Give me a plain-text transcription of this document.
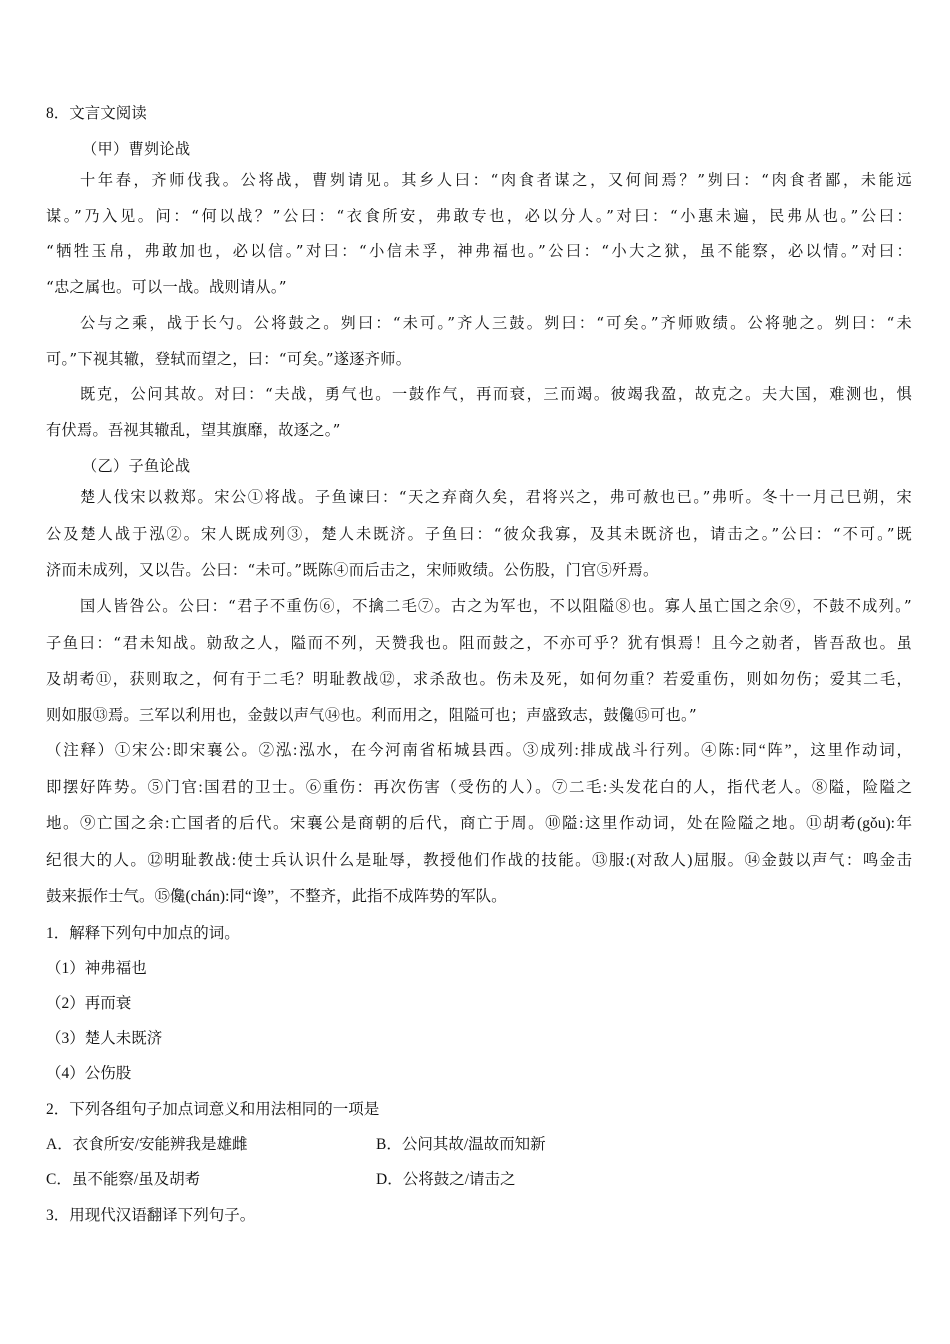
8．文言文阅读
（甲）曹刿论战
十年春，齐师伐我。公将战，曹刿请见。其乡人曰：“肉食者谋之，又何间焉？”刿曰：“肉食者鄙，未能远
谋。”乃入见。问：“何以战？”公曰：“衣食所安，弗敢专也，必以分人。”对曰：“小惠未遍，民弗从也。”公曰：
“牺牲玉帛，弗敢加也，必以信。”对曰：“小信未孚，神弗福也。”公曰：“小大之狱，虽不能察，必以情。”对曰：
“忠之属也。可以一战。战则请从。”
公与之乘，战于长勺。公将鼓之。刿曰：“未可。”齐人三鼓。刿曰：“可矣。”齐师败绩。公将驰之。刿曰：“未
可。”下视其辙，登轼而望之，曰：“可矣。”遂逐齐师。
既克，公问其故。对曰：“夫战，勇气也。一鼓作气，再而衰，三而竭。彼竭我盈，故克之。夫大国，难测也，惧
有伏焉。吾视其辙乱，望其旗靡，故逐之。”
（乙）子鱼论战
楚人伐宋以救郑。宋公①将战。子鱼谏曰：“天之弃商久矣，君将兴之，弗可赦也已。”弗听。冬十一月己巳朔，宋
公及楚人战于泓②。宋人既成列③，楚人未既济。子鱼曰：“彼众我寡，及其未既济也，请击之。”公曰：“不可。”既
济而未成列，又以告。公曰：“未可。”既陈④而后击之，宋师败绩。公伤股，门官⑤歼焉。
国人皆咎公。公曰：“君子不重伤⑥，不擒二毛⑦。古之为军也，不以阻隘⑧也。寡人虽亡国之余⑨，不鼓不成列。”
子鱼曰：“君未知战。勍敌之人，隘而不列，天赞我也。阻而鼓之，不亦可乎？犹有惧焉！且今之勍者，皆吾敌也。虽
及胡耇⑪，获则取之，何有于二毛？明耻教战⑫，求杀敌也。伤未及死，如何勿重？若爱重伤，则如勿伤；爱其二毛，
则如服⑬焉。三军以利用也，金鼓以声气⑭也。利而用之，阻隘可也；声盛致志，鼓儳⑮可也。”
（注释）①宋公:即宋襄公。②泓:泓水，在今河南省柘城县西。③成列:排成战斗行列。④陈:同“阵”，这里作动词，
即摆好阵势。⑤门官:国君的卫士。⑥重伤：再次伤害（受伤的人）。⑦二毛:头发花白的人，指代老人。⑧隘，险隘之
地。⑨亡国之余:亡国者的后代。宋襄公是商朝的后代，商亡于周。⑩隘:这里作动词，处在险隘之地。⑪胡耇(gǒu):年
纪很大的人。⑫明耻教战:使士兵认识什么是耻辱，教授他们作战的技能。⑬服:(对敌人)屈服。⑭金鼓以声气：鸣金击
鼓来振作士气。⑮儳(chán):同“谗”，不整齐，此指不成阵势的军队。
1．解释下列句中加点的词。
（1）神弗福也
（2）再而衰
（3）楚人未既济
（4）公伤股
2．下列各组句子加点词意义和用法相同的一项是
A．衣食所安/安能辨我是雄雌	B．公问其故/温故而知新
C．虽不能察/虽及胡耇	D．公将鼓之/请击之
3．用现代汉语翻译下列句子。
